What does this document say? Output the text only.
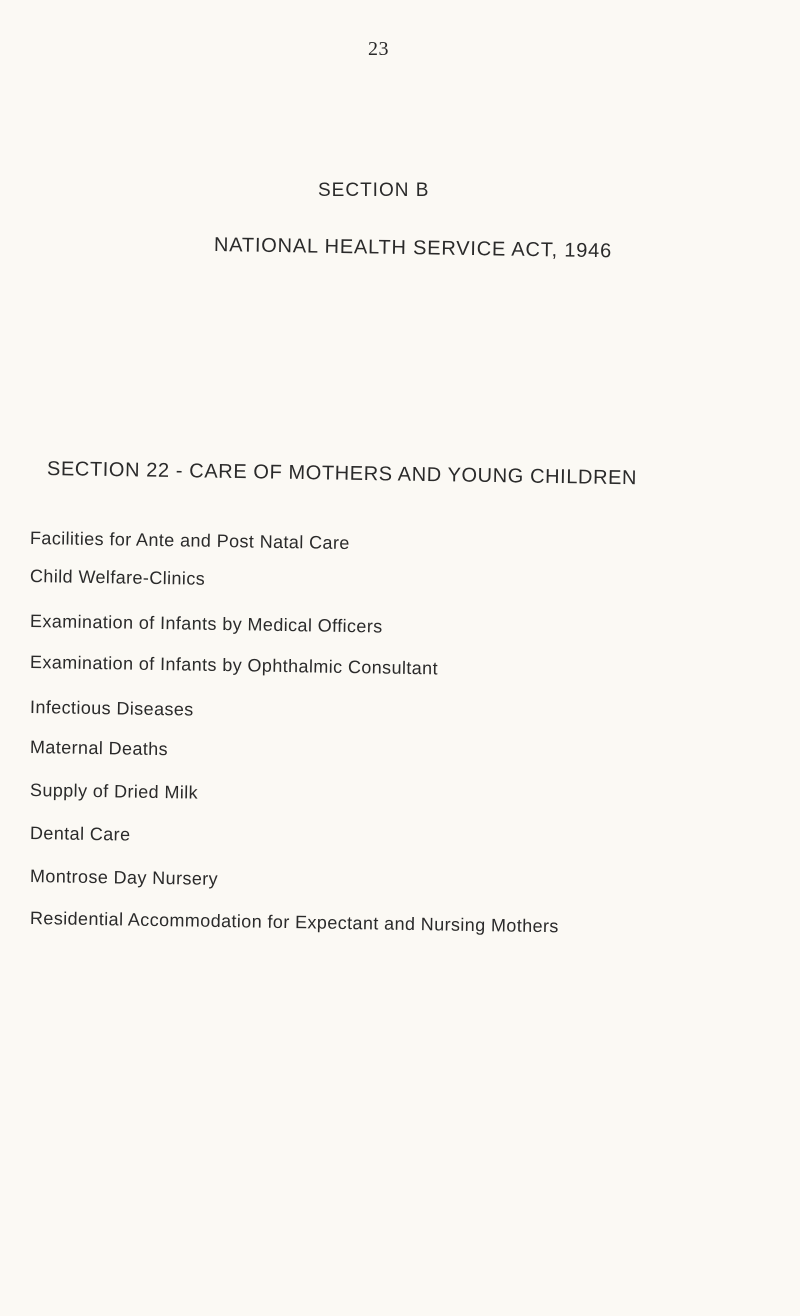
23
SECTION B
NATIONAL HEALTH SERVICE ACT, 1946
SECTION 22 - CARE OF MOTHERS AND YOUNG CHILDREN
Facilities for Ante and Post Natal Care
Child Welfare-Clinics
Examination of Infants by Medical Officers
Examination of Infants by Ophthalmic Consultant
Infectious Diseases
Maternal Deaths
Supply of Dried Milk
Dental Care
Montrose Day Nursery
Residential Accommodation for Expectant and Nursing Mothers
